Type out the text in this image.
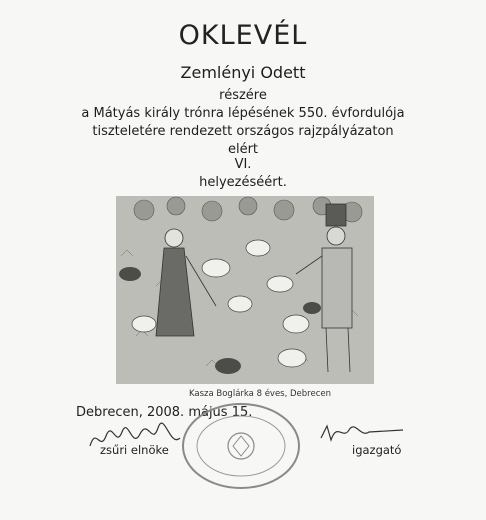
OKLEVÉL
Zemlényi Odett
részére
a Mátyás király trónra lépésének 550. évfordulója
tiszteletére rendezett országos rajzpályázaton
elért
VI.
helyezéséért.
Kasza Boglárka 8 éves, Debrecen
Debrecen, 2008. május 15.
zsűri elnöke	igazgató
